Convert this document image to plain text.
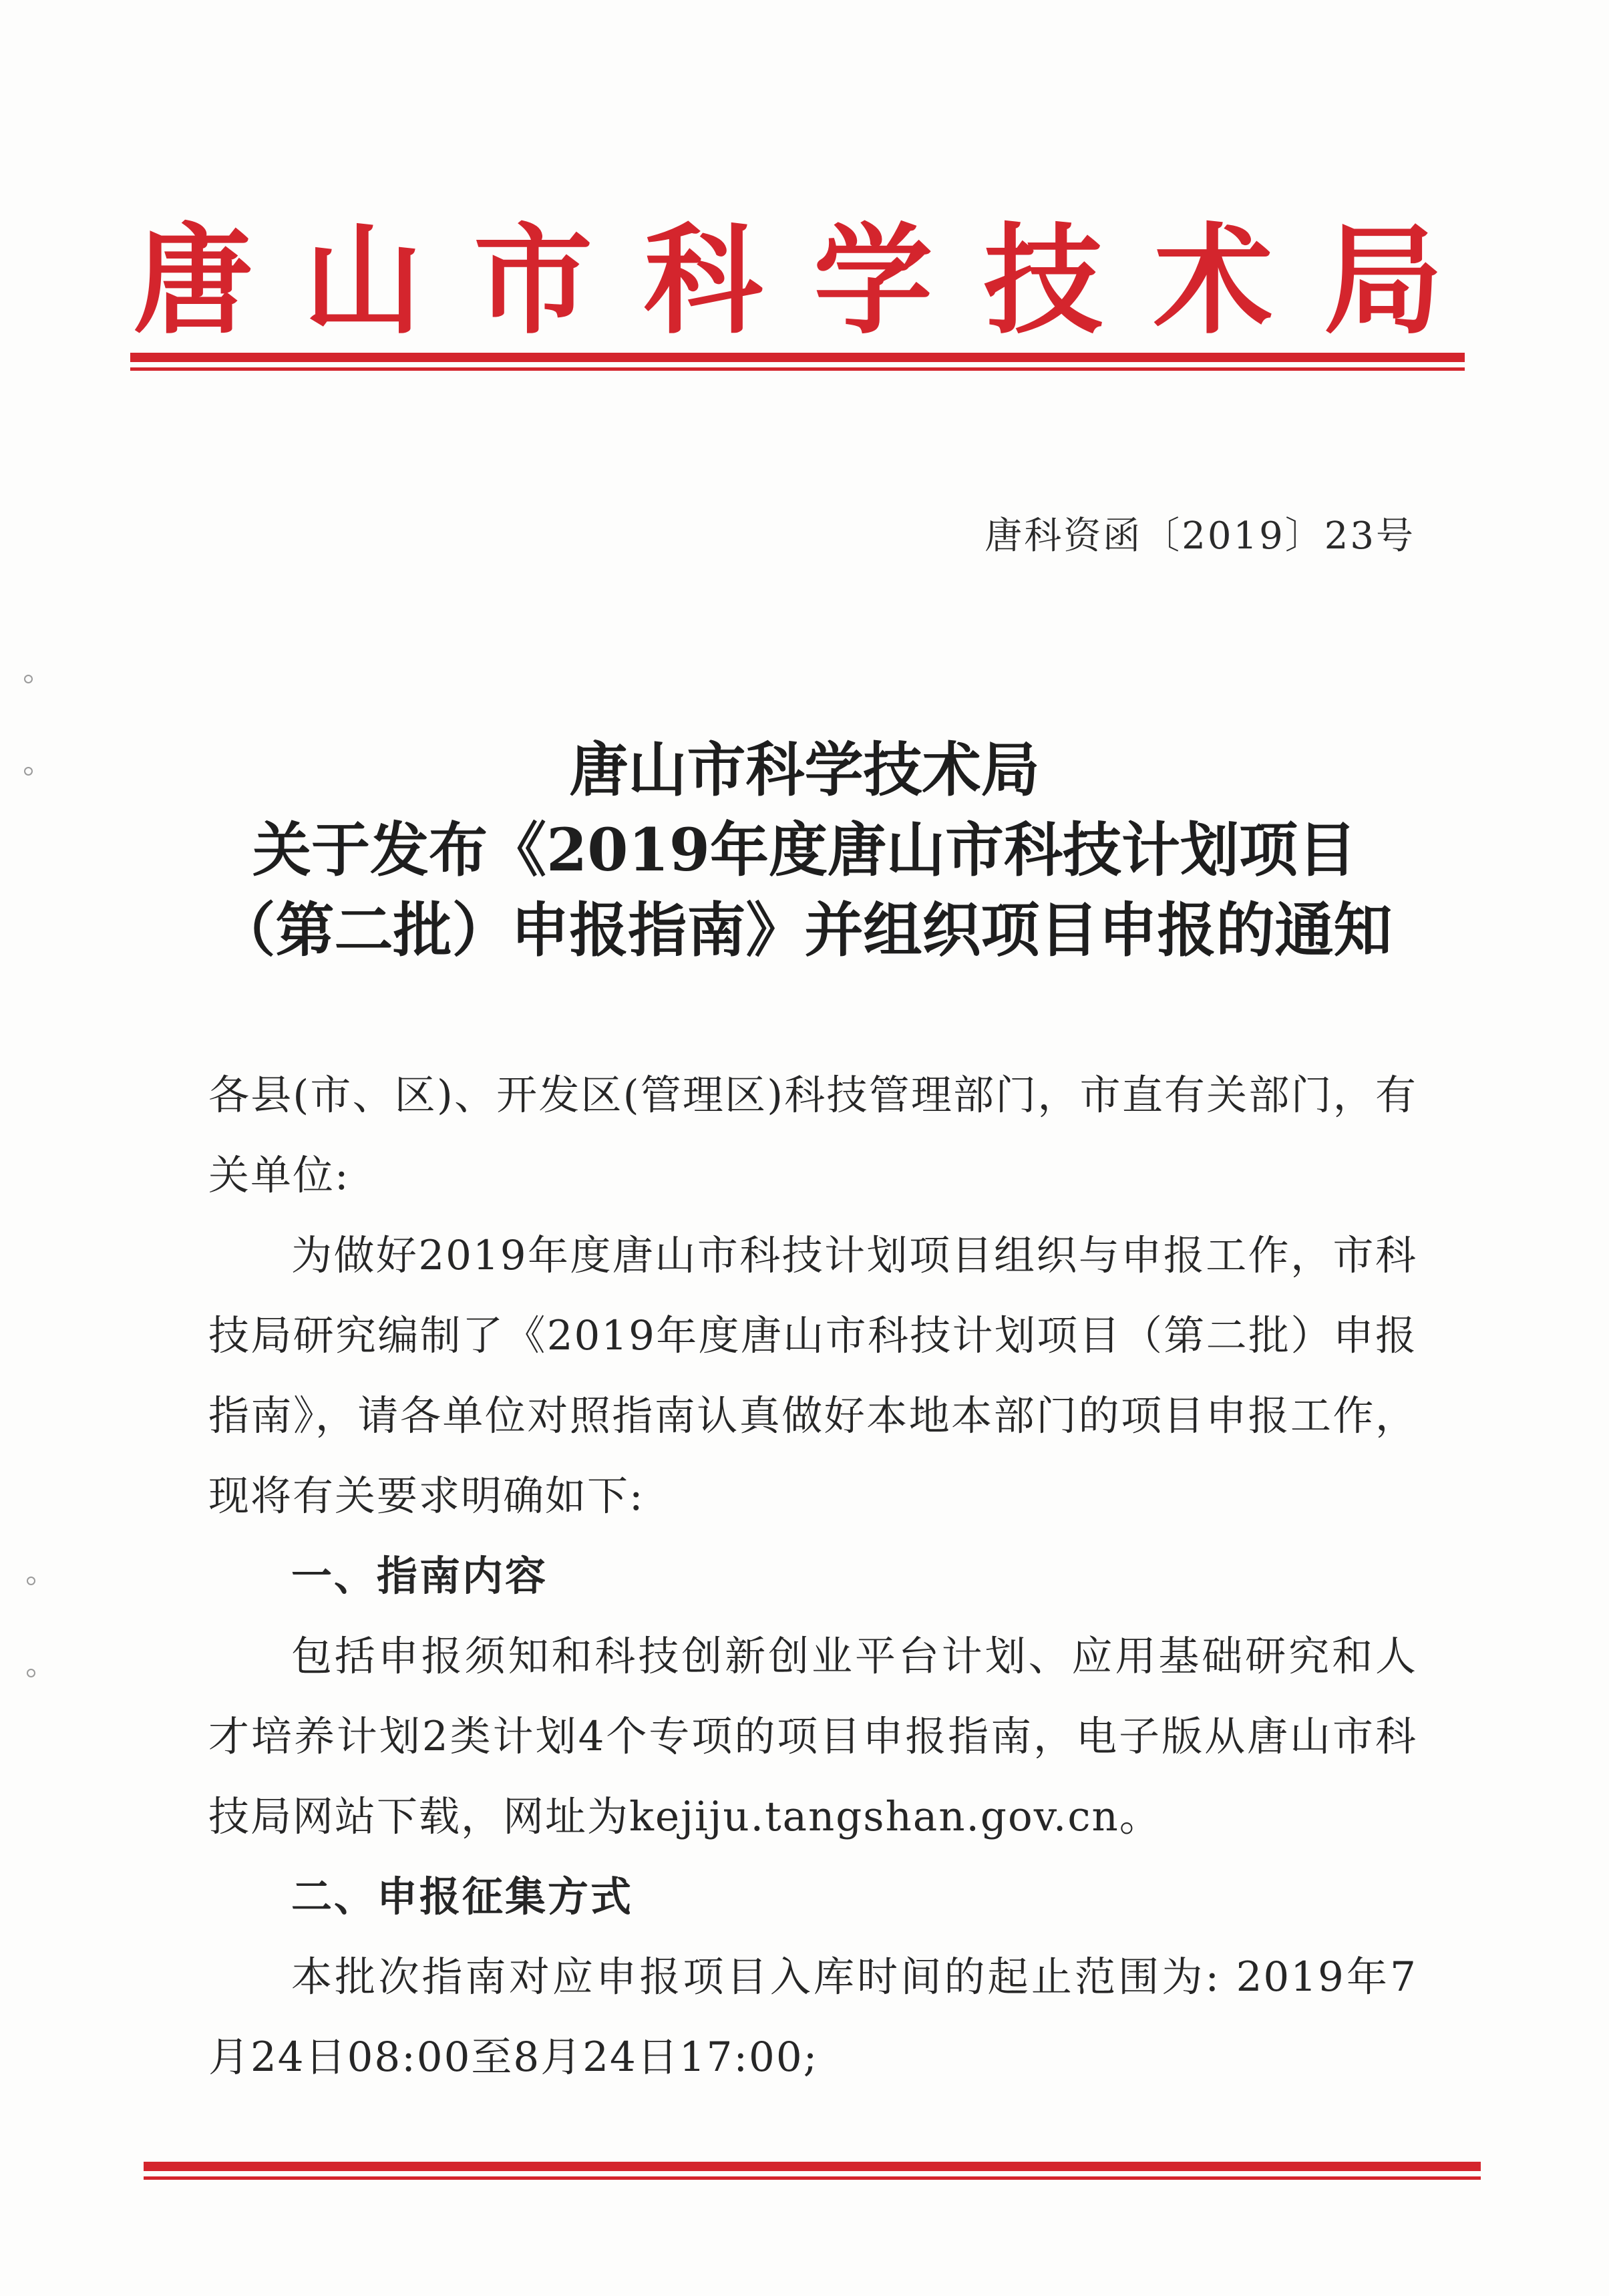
唐 山 市 科 学 技 术 局
唐科资函〔2019〕23号
唐山市科学技术局
关于发布《2019年度唐山市科技计划项目
（第二批）申报指南》并组织项目申报的通知

各县(市、区)、开发区(管理区)科技管理部门，市直有关部门，有关单位:

为做好2019年度唐山市科技计划项目组织与申报工作，市科技局研究编制了《2019年度唐山市科技计划项目（第二批）申报指南》，请各单位对照指南认真做好本地本部门的项目申报工作，现将有关要求明确如下:

一、指南内容

包括申报须知和科技创新创业平台计划、应用基础研究和人才培养计划2类计划4个专项的项目申报指南，电子版从唐山市科技局网站下载，网址为kejiju.tangshan.gov.cn。

二、申报征集方式

本批次指南对应申报项目入库时间的起止范围为: 2019年7月24日08:00至8月24日17:00;
